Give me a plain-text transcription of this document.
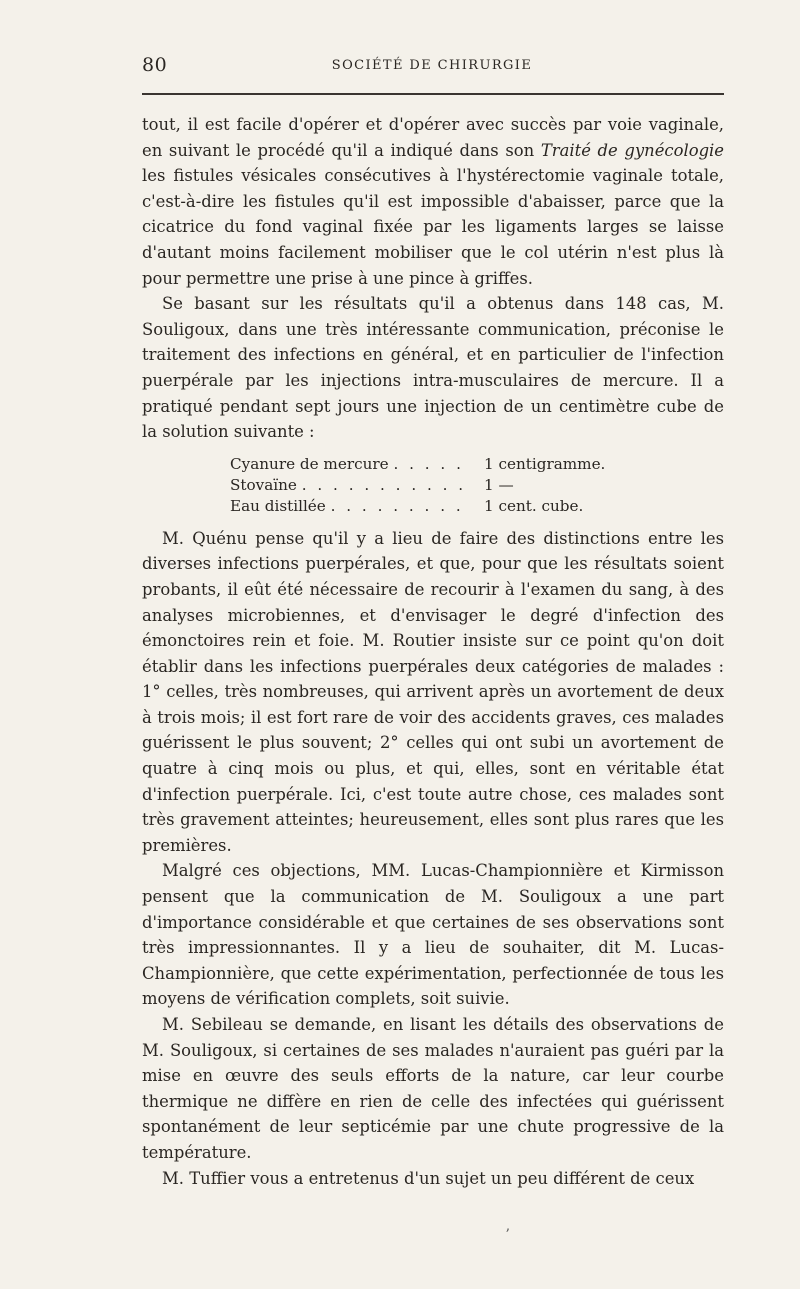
80	SOCIÉTÉ DE CHIRURGIE

tout, il est facile d'opérer et d'opérer avec succès par voie vaginale, en suivant le procédé qu'il a indiqué dans son Traité de gynécologie les fistules vésicales consécutives à l'hystérectomie vaginale totale, c'est-à-dire les fistules qu'il est impossible d'abaisser, parce que la cicatrice du fond vaginal fixée par les ligaments larges se laisse d'autant moins facilement mobiliser que le col utérin n'est plus là pour permettre une prise à une pince à griffes.

Se basant sur les résultats qu'il a obtenus dans 148 cas, M. Souligoux, dans une très intéressante communication, préconise le traitement des infections en général, et en particulier de l'infection puerpérale par les injections intra-musculaires de mercure. Il a pratiqué pendant sept jours une injection de un centimètre cube de la solution suivante :

Cyanure de mercure . . . . .	1 centigramme.
Stovaïne . . . . . . . . . . .	1 —
Eau distillée . . . . . . . . .	1 cent. cube.

M. Quénu pense qu'il y a lieu de faire des distinctions entre les diverses infections puerpérales, et que, pour que les résultats soient probants, il eût été nécessaire de recourir à l'examen du sang, à des analyses microbiennes, et d'envisager le degré d'infection des émonctoires rein et foie. M. Routier insiste sur ce point qu'on doit établir dans les infections puerpérales deux catégories de malades : 1° celles, très nombreuses, qui arrivent après un avortement de deux à trois mois; il est fort rare de voir des accidents graves, ces malades guérissent le plus souvent; 2° celles qui ont subi un avortement de quatre à cinq mois ou plus, et qui, elles, sont en véritable état d'infection puerpérale. Ici, c'est toute autre chose, ces malades sont très gravement atteintes; heureusement, elles sont plus rares que les premières.

Malgré ces objections, MM. Lucas-Championnière et Kirmisson pensent que la communication de M. Souligoux a une part d'importance considérable et que certaines de ses observations sont très impressionnantes. Il y a lieu de souhaiter, dit M. Lucas-Championnière, que cette expérimentation, perfectionnée de tous les moyens de vérification complets, soit suivie.

M. Sebileau se demande, en lisant les détails des observations de M. Souligoux, si certaines de ses malades n'auraient pas guéri par la mise en œuvre des seuls efforts de la nature, car leur courbe thermique ne diffère en rien de celle des infectées qui guérissent spontanément de leur septicémie par une chute progressive de la température.

M. Tuffier vous a entretenus d'un sujet un peu différent de ceux

ʼ
